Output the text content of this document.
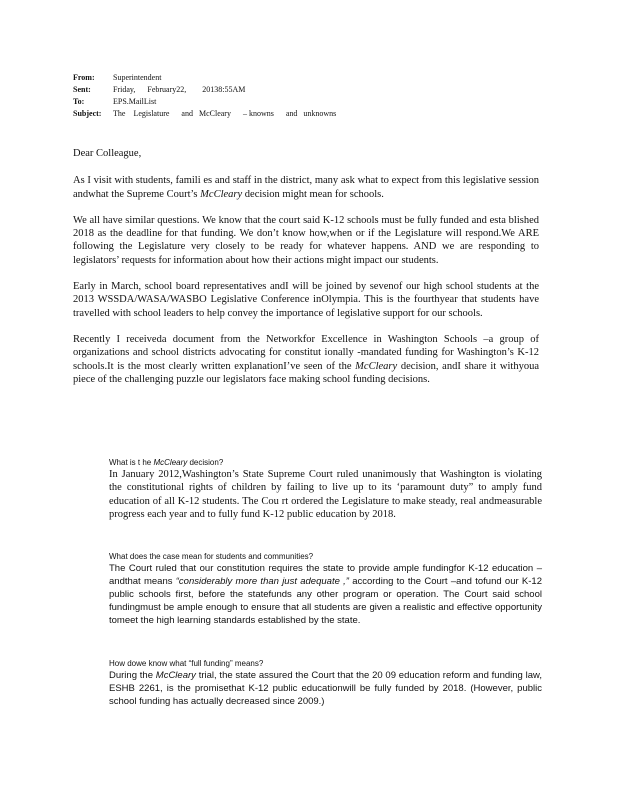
From:	Superintendent
Sent:	Friday,      February22,        20138:55AM
To:	EPS.MailList
Subject:	The    Legislature      and   McCleary      – knowns      and   unknowns

Dear Colleague,

As I visit with students, famili es and staff in the district, many ask what to expect from this legislative session andwhat the Supreme Court’s McCleary decision might mean for schools.

We all have similar questions. We know that the court said K-12 schools must be fully funded and esta blished 2018 as the deadline for that funding. We don’t know how,when or if the Legislature will respond.We ARE following the Legislature very closely to be ready for whatever happens. AND we are responding to legislators’ requests for information about how their actions might impact our students.

Early in March, school board representatives andI will be joined by sevenof our high school students at the 2013 WSSDA/WASA/WASBO Legislative Conference inOlympia. This is the fourthyear that students have travelled with school leaders to help convey the importance of legislative support for our schools.

Recently I receiveda document from the Networkfor Excellence in Washington Schools –a group of organizations and school districts advocating for constitut ionally -mandated funding for Washington’s K-12 schools.It is the most clearly written explanationI’ve seen of the McCleary decision, andI share it withyoua piece of the challenging puzzle our legislators face making school funding decisions.

What is t he McCleary decision?

In January 2012,Washington’s State Supreme Court ruled unanimously that Washington is violating the constitutional rights of children by failing to live up to its ‘paramount duty” to amply fund education of all K-12 students. The Cou rt ordered the Legislature to make steady, real andmeasurable progress each year and to fully fund K-12 public education by 2018.

What does the case mean for students and communities?

The Court ruled that our constitution requires the state to provide ample fundingfor K-12 education – andthat means “considerably more than just adequate ,” according to the Court –and tofund our K-12 public schools first, before the statefunds any other program or operation. The Court said school fundingmust be ample enough to ensure that all students are given a realistic and effective opportunity tomeet the high learning standards established by the state.

How dowe know what “full funding” means?

During the McCleary trial, the state assured the Court that the 20 09 education reform and funding law, ESHB 2261, is the promisethat K-12 public educationwill be fully funded by 2018. (However, public school funding has actually decreased since 2009.)
